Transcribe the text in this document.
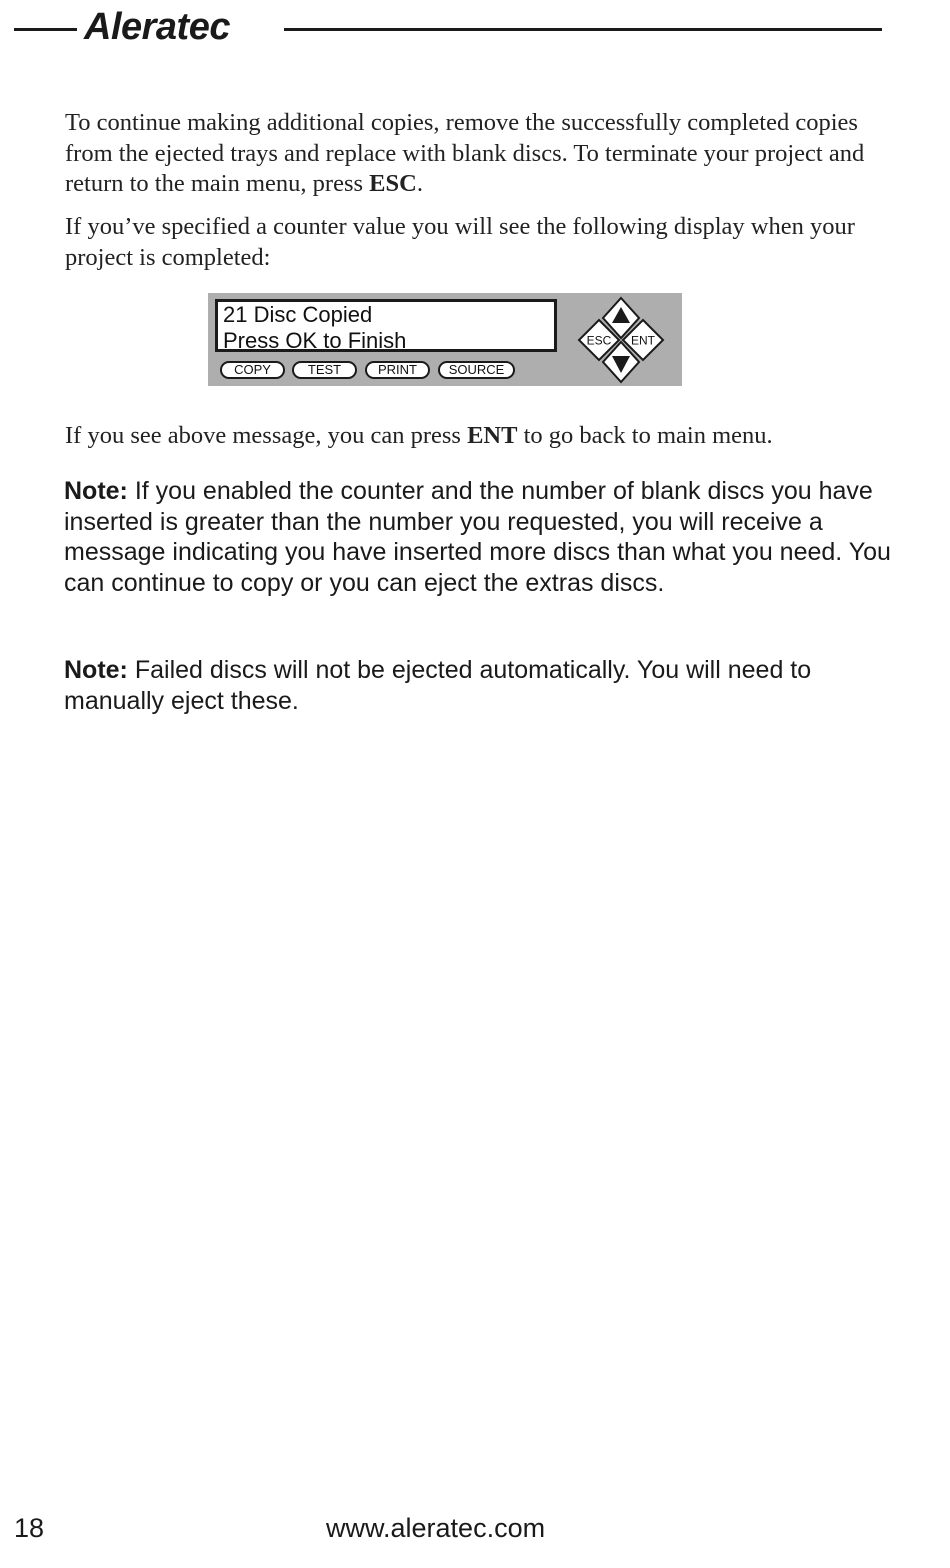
Aleratec

To continue making additional copies, remove the successfully completed copies from the ejected trays and replace with blank discs. To terminate your project and return to the main menu, press ESC.

If you’ve specified a counter value you will see the following display when your project is completed:

21 Disc Copied
Press OK to Finish
COPY	TEST	PRINT	SOURCE
ESC ENT

If you see above message, you can press ENT to go back to main menu.

Note: If you enabled the counter and the number of blank discs you have inserted is greater than the number you requested, you will receive a message indicating you have inserted more discs than what you need. You can continue to copy or you can eject the extras discs.

Note: Failed discs will not be ejected automatically. You will need to manually eject these.

18	www.aleratec.com
